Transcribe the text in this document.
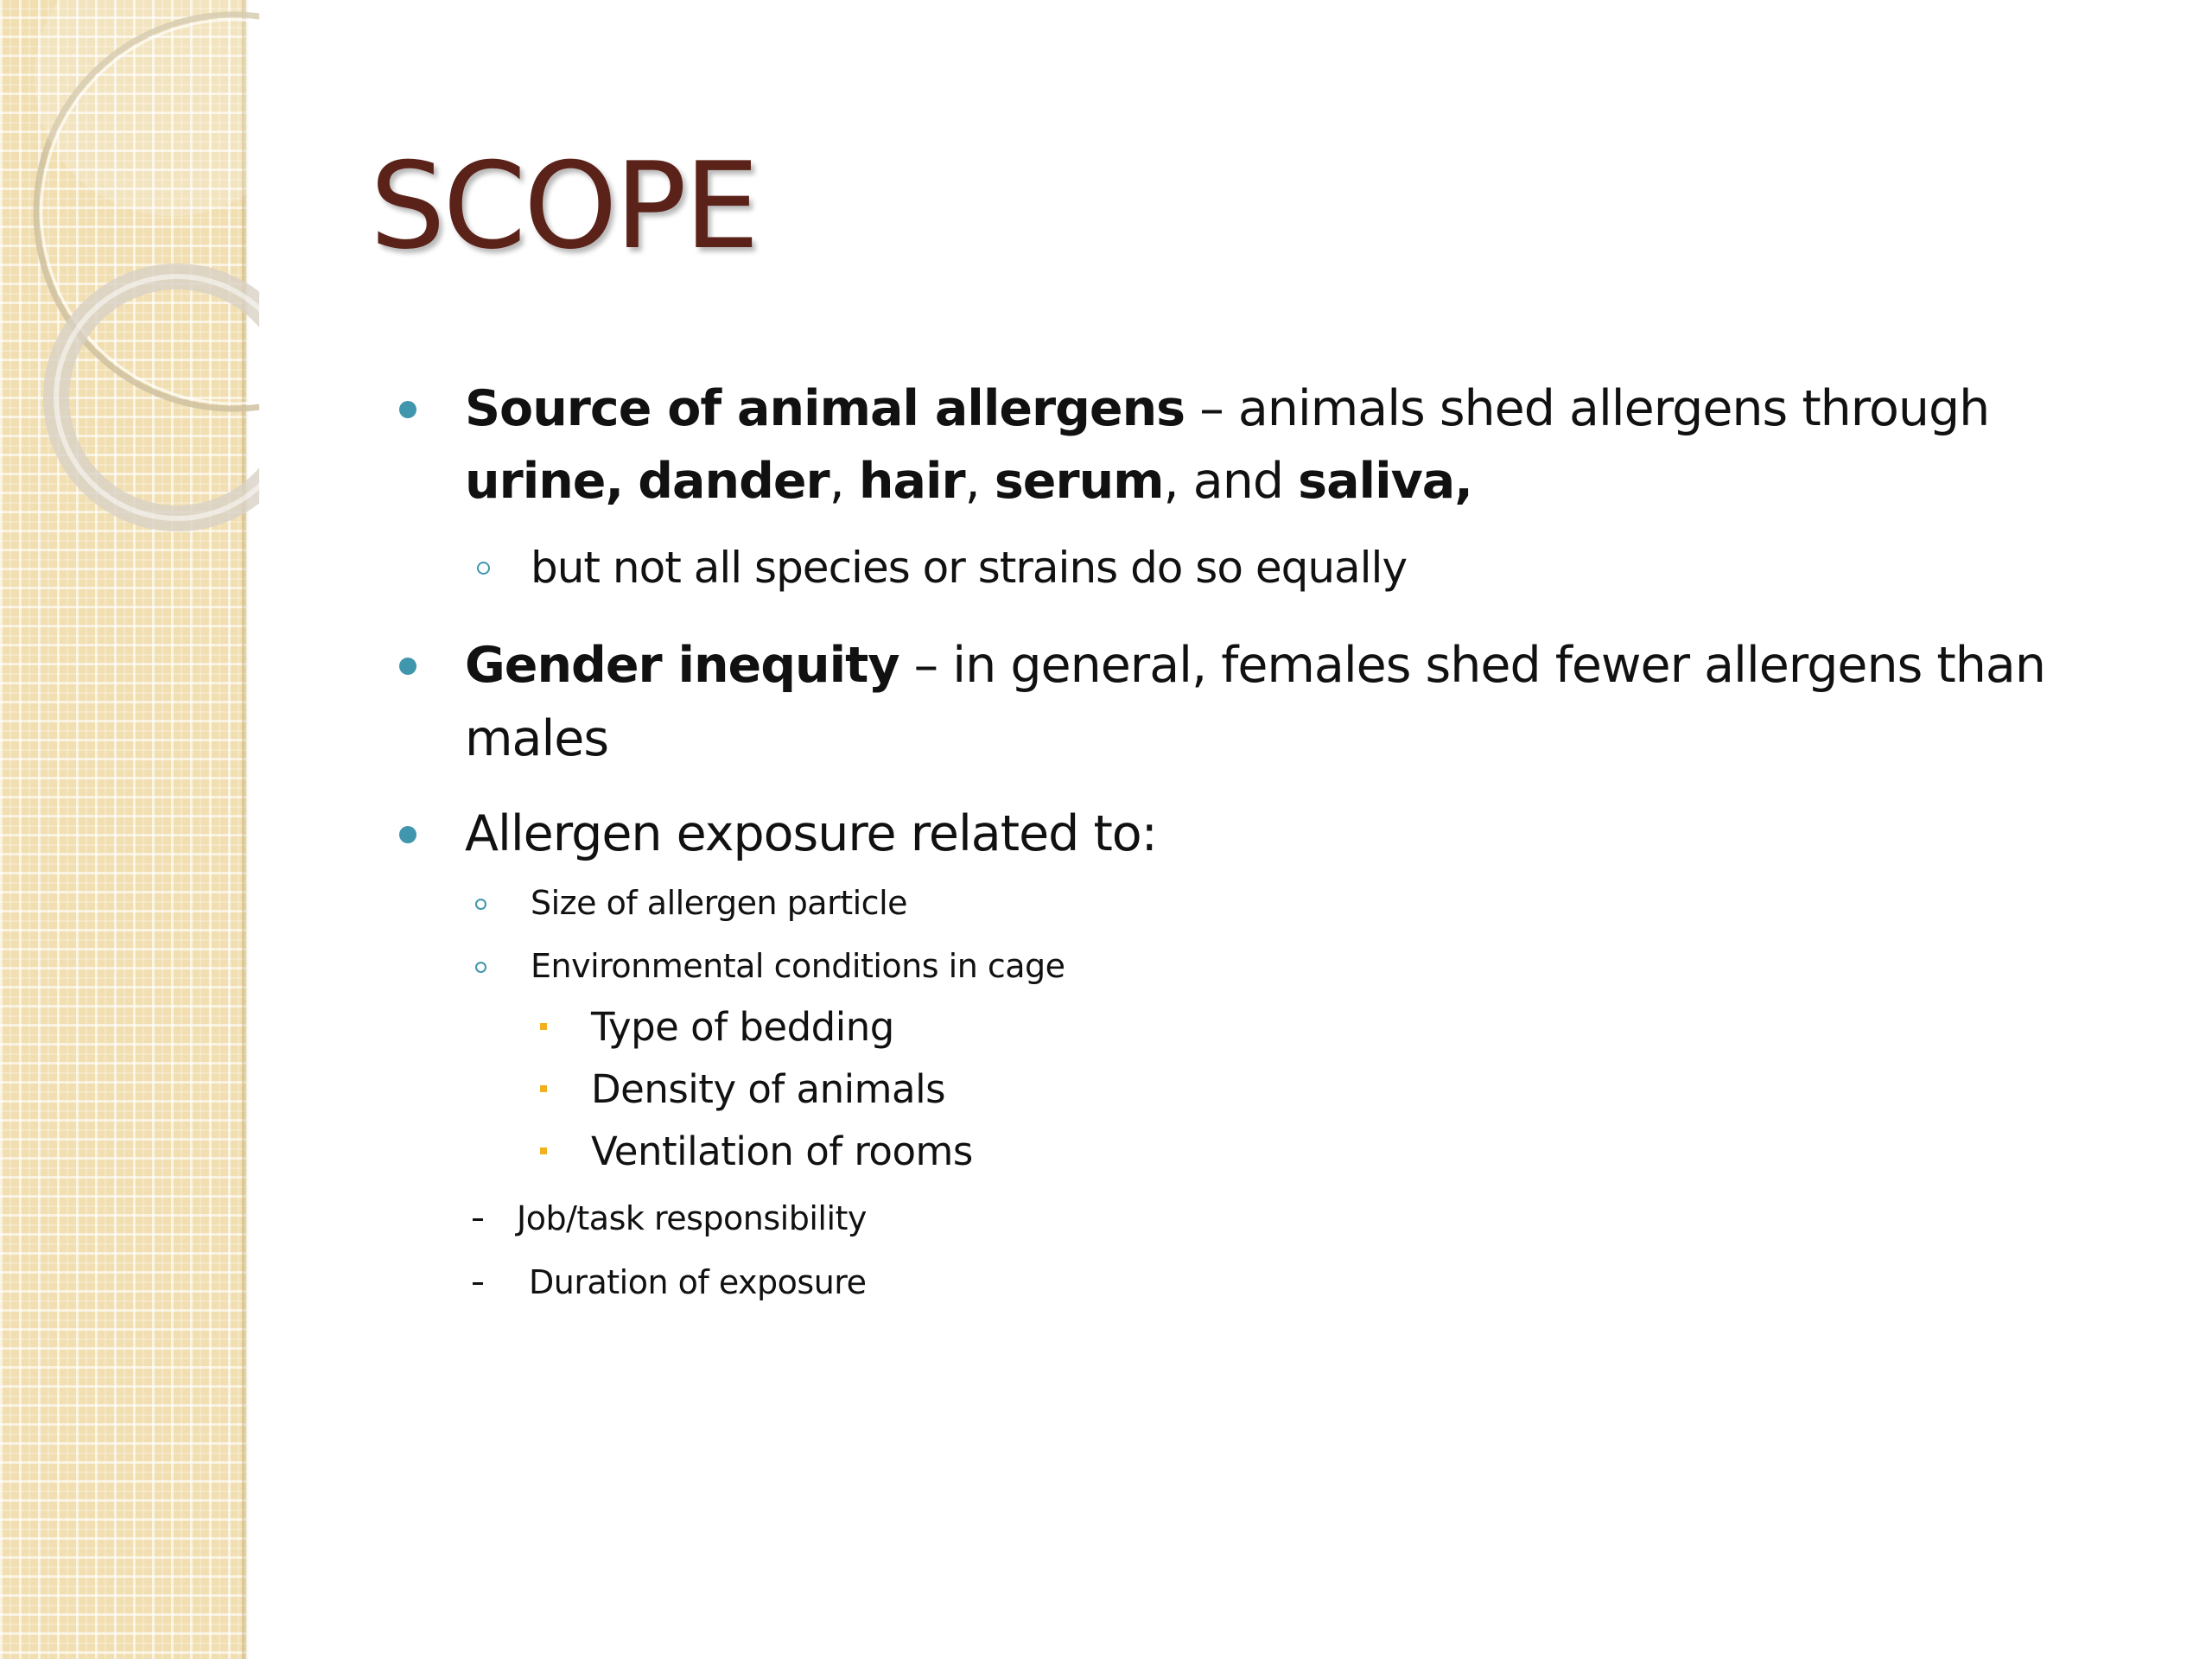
SCOPE
Source of animal allergens – animals shed allergens through
urine, dander, hair, serum, and saliva,
but not all species or strains do so equally
Gender inequity – in general, females shed fewer allergens than
males
Allergen exposure related to:
Size of allergen particle
Environmental conditions in cage
Type of bedding
Density of animals
Ventilation of rooms
Job/task responsibility
Duration of exposure
